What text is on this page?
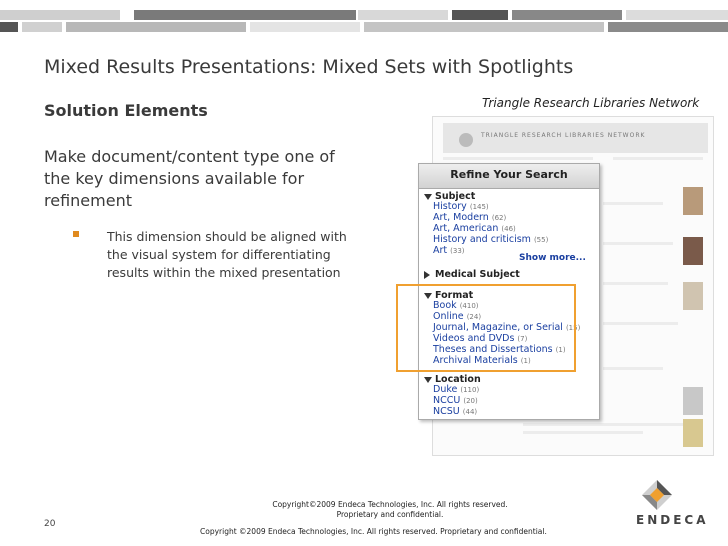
Mixed Results Presentations: Mixed Sets with Spotlights
Solution Elements
Make document/content type one of the key dimensions available for refinement
This dimension should be aligned with the visual system for differentiating results within the mixed presentation
Triangle Research Libraries Network
TRIANGLE RESEARCH LIBRARIES NETWORK
Refine Your Search
Subject
History (145)
Art, Modern (62)
Art, American (46)
History and criticism (55)
Art (33)
Show more...
Medical Subject
Format
Book (410)
Online (24)
Journal, Magazine, or Serial (15)
Videos and DVDs (7)
Theses and Dissertations (1)
Archival Materials (1)
Location
Duke (110)
NCCU (20)
NCSU (44)
ENDECA
Copyright©2009 Endeca Technologies, Inc. All rights reserved.
Proprietary and confidential.
Copyright ©2009 Endeca Technologies, Inc. All rights reserved. Proprietary and confidential.
20
